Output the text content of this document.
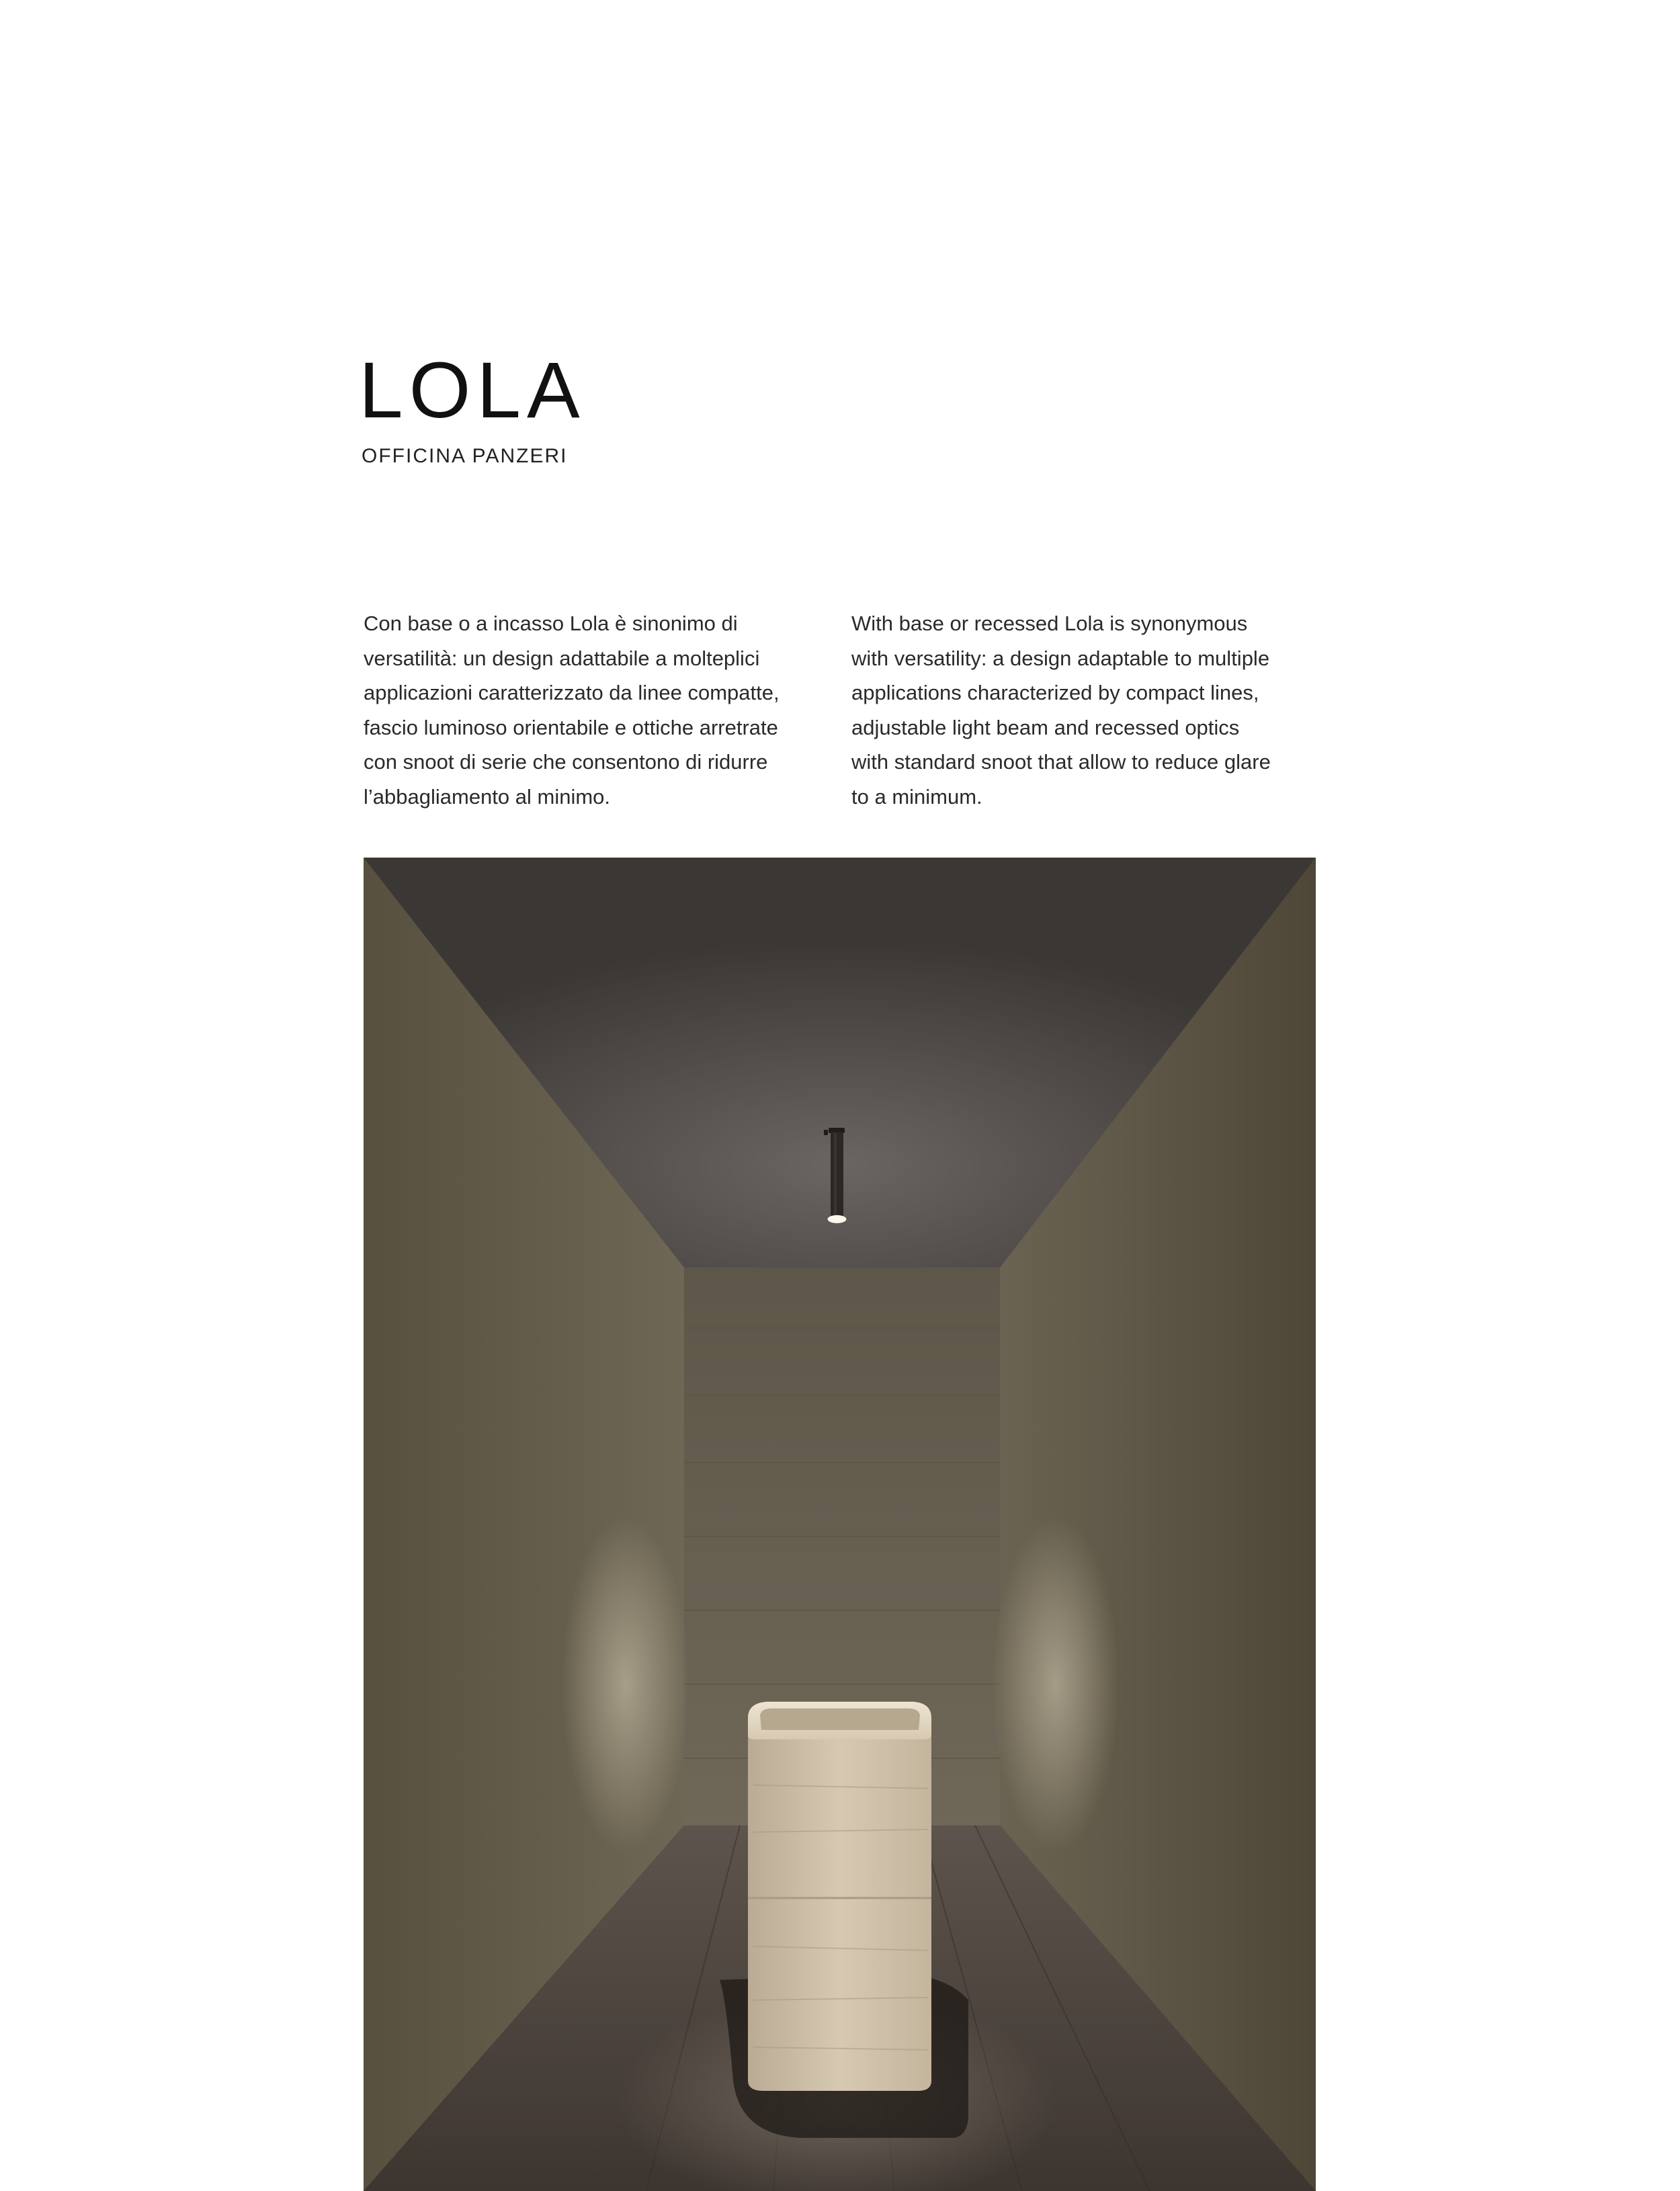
LOLA

OFFICINA PANZERI

Con base o a incasso Lola è sinonimo di

versatilità: un design adattabile a molteplici

applicazioni caratterizzato da linee compatte,

fascio luminoso orientabile e ottiche arretrate

con snoot di serie che consentono di ridurre

l’abbagliamento al minimo.

With base or recessed Lola is synonymous

with versatility: a design adaptable to multiple

applications characterized by compact lines,

adjustable light beam and recessed optics

with standard snoot that allow to reduce glare

to a minimum.
